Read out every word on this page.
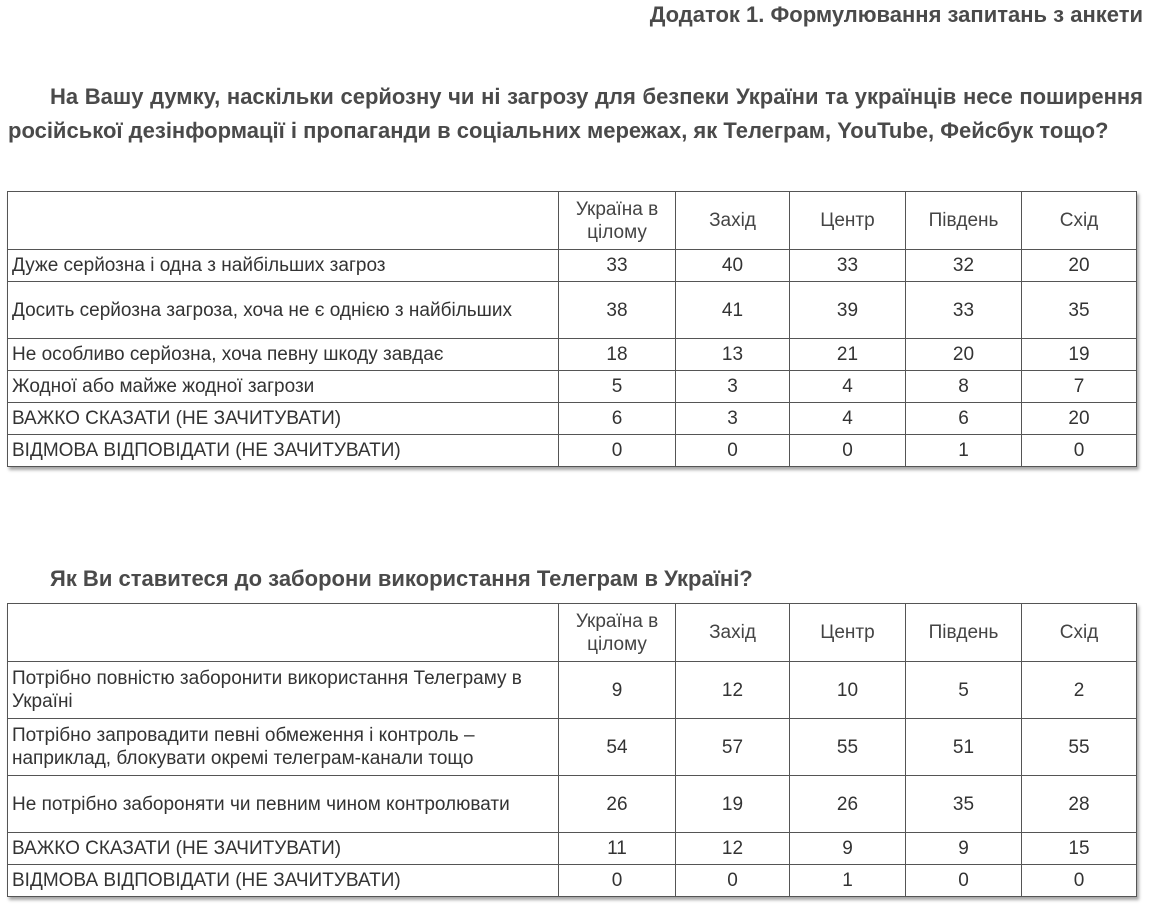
Додаток 1. Формулювання запитань з анкети

На Вашу думку, наскільки серйозну чи ні загрозу для безпеки України та українців несе поширення російської дезінформації і пропаганди в соціальних мережах, як Телеграм, YouTube, Фейсбук тощо?

	Україна в цілому	Захід	Центр	Південь	Схід
Дуже серйозна і одна з найбільших загроз	33	40	33	32	20
Досить серйозна загроза, хоча не є однією з найбільших	38	41	39	33	35
Не особливо серйозна, хоча певну шкоду завдає	18	13	21	20	19
Жодної або майже жодної загрози	5	3	4	8	7
ВАЖКО СКАЗАТИ (НЕ ЗАЧИТУВАТИ)	6	3	4	6	20
ВІДМОВА ВІДПОВІДАТИ (НЕ ЗАЧИТУВАТИ)	0	0	0	1	0

Як Ви ставитеся до заборони використання Телеграм в Україні?

	Україна в цілому	Захід	Центр	Південь	Схід
Потрібно повністю заборонити використання Телеграму в Україні	9	12	10	5	2
Потрібно запровадити певні обмеження і контроль – наприклад, блокувати окремі телеграм-канали тощо	54	57	55	51	55
Не потрібно забороняти чи певним чином контролювати	26	19	26	35	28
ВАЖКО СКАЗАТИ (НЕ ЗАЧИТУВАТИ)	11	12	9	9	15
ВІДМОВА ВІДПОВІДАТИ (НЕ ЗАЧИТУВАТИ)	0	0	1	0	0
